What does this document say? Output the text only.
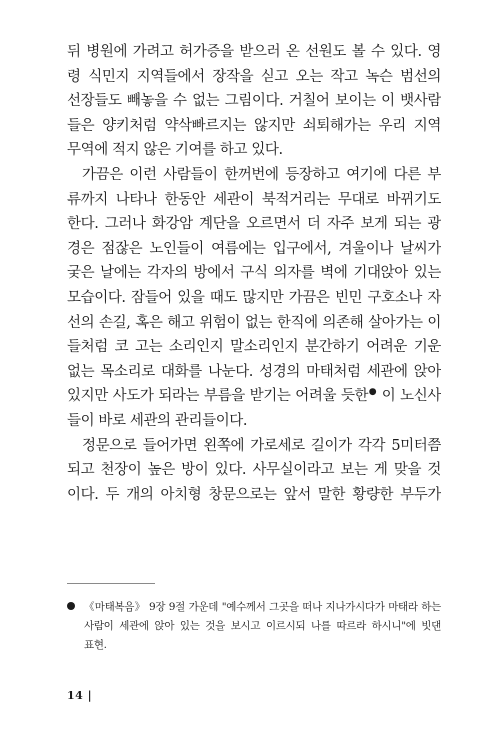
뒤 병원에 가려고 허가증을 받으러 온 선원도 볼 수 있다. 영
령 식민지 지역들에서 장작을 싣고 오는 작고 녹슨 범선의
선장들도 빼놓을 수 없는 그림이다. 거칠어 보이는 이 뱃사람
들은 양키처럼 약삭빠르지는 않지만 쇠퇴해가는 우리 지역
무역에 적지 않은 기여를 하고 있다.

가끔은 이런 사람들이 한꺼번에 등장하고 여기에 다른 부
류까지 나타나 한동안 세관이 북적거리는 무대로 바뀌기도
한다. 그러나 화강암 계단을 오르면서 더 자주 보게 되는 광
경은 점잖은 노인들이 여름에는 입구에서, 겨울이나 날씨가
궂은 날에는 각자의 방에서 구식 의자를 벽에 기대앉아 있는
모습이다. 잠들어 있을 때도 많지만 가끔은 빈민 구호소나 자
선의 손길, 혹은 해고 위험이 없는 한직에 의존해 살아가는 이
들처럼 코 고는 소리인지 말소리인지 분간하기 어려운 기운
없는 목소리로 대화를 나눈다. 성경의 마태처럼 세관에 앉아
있지만 사도가 되라는 부름을 받기는 어려울 듯한● 이 노신사
들이 바로 세관의 관리들이다.

정문으로 들어가면 왼쪽에 가로세로 길이가 각각 5미터쯤
되고 천장이 높은 방이 있다. 사무실이라고 보는 게 맞을 것
이다. 두 개의 아치형 창문으로는 앞서 말한 황량한 부두가

《마태복음》 9장 9절 가운데 "예수께서 그곳을 떠나 지나가시다가 마태라 하는
사람이 세관에 앉아 있는 것을 보시고 이르시되 나를 따르라 하시니"에 빗댄
표현.
14 |
